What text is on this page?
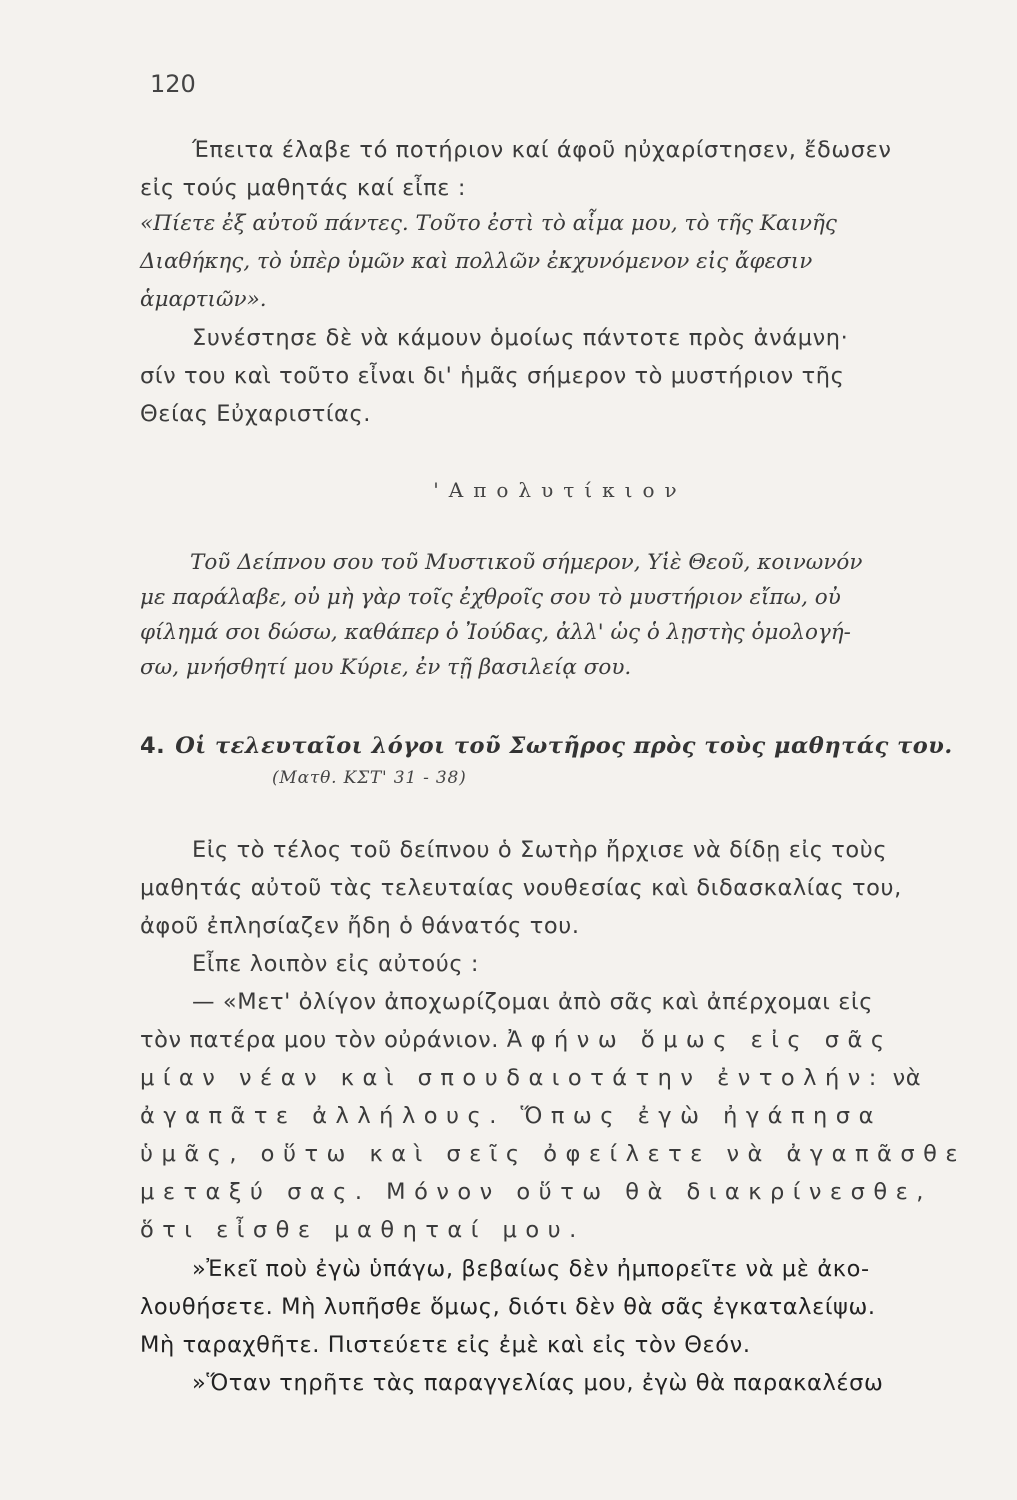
120

Έπειτα έλαβε τό ποτήριον καί άφοῦ ηὐχαρίστησεν, ἔδωσεν

εἰς τούς μαθητάς καί εἶπε :

«Πίετε ἐξ αὐτοῦ πάντες. Τοῦτο ἐστὶ τὸ αἷμα μου, τὸ τῆς Καινῆς

Διαθήκης, τὸ ὑπὲρ ὑμῶν καὶ πολλῶν ἐκχυνόμενον εἰς ἄφεσιν

ἁμαρτιῶν».

Συνέστησε δὲ νὰ κάμουν ὁμοίως πάντοτε πρὸς ἀνάμνη·

σίν του καὶ τοῦτο εἶναι δι' ἡμᾶς σήμερον τὸ μυστήριον τῆς

Θείας Εὐχαριστίας.

'Απολυτίκιον

Τοῦ Δείπνου σου τοῦ Μυστικοῦ σήμερον, Υἱὲ Θεοῦ, κοινωνόν

με παράλαβε, οὐ μὴ γὰρ τοῖς ἐχθροῖς σου τὸ μυστήριον εἴπω, οὐ

φίλημά σοι δώσω, καθάπερ ὁ Ἰούδας, ἀλλ' ὡς ὁ λῃστὴς ὁμολογή-

σω, μνήσθητί μου Κύριε, ἐν τῇ βασιλείᾳ σου.

4. Οἱ τελευταῖοι λόγοι τοῦ Σωτῆρος πρὸς τοὺς μαθητάς του.
(Ματθ. ΚΣΤ' 31 - 38)

Εἰς τὸ τέλος τοῦ δείπνου ὁ Σωτὴρ ἤρχισε νὰ δίδῃ εἰς τοὺς

μαθητάς αὐτοῦ τὰς τελευταίας νουθεσίας καὶ διδασκαλίας του,

ἀφοῦ ἐπλησίαζεν ἤδη ὁ θάνατός του.

Εἶπε λοιπὸν εἰς αὐτούς :

— «Μετ' ὀλίγον ἀποχωρίζομαι ἀπὸ σᾶς καὶ ἀπέρχομαι εἰς

τὸν πατέρα μου τὸν οὐράνιον. Ἀφήνω ὅμως εἰς σᾶς

μίαν νέαν καὶ σπουδαιοτάτην ἐντολήν: νὰ

ἀγαπᾶτε ἀλλήλους. Ὅπως ἐγὼ ἠγάπησα

ὑμᾶς, οὕτω καὶ σεῖς ὀφείλετε νὰ ἀγαπᾶσθε

μεταξύ σας. Μόνον οὕτω θὰ διακρίνεσθε,

ὅτι εἶσθε μαθηταί μου.

»Ἐκεῖ ποὺ ἐγὼ ὑπάγω, βεβαίως δὲν ἠμπορεῖτε νὰ μὲ ἀκο-

λουθήσετε. Μὴ λυπῆσθε ὅμως, διότι δὲν θὰ σᾶς ἐγκαταλείψω.

Μὴ ταραχθῆτε. Πιστεύετε εἰς ἐμὲ καὶ εἰς τὸν Θεόν.

»Ὅταν τηρῆτε τὰς παραγγελίας μου, ἐγὼ θὰ παρακαλέσω
